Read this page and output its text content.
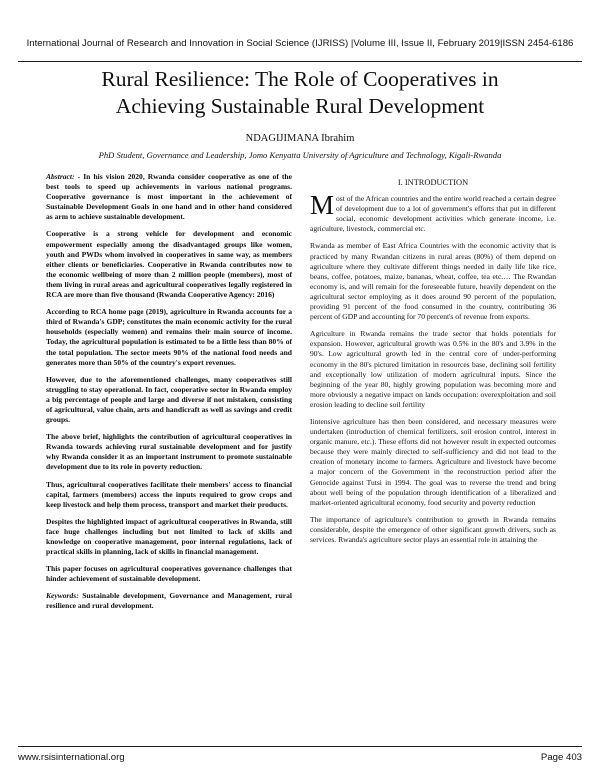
International Journal of Research and Innovation in Social Science (IJRISS) |Volume III, Issue II, February 2019|ISSN 2454-6186
Rural Resilience: The Role of Cooperatives in
Achieving Sustainable Rural Development
NDAGIJIMANA Ibrahim
PhD Student, Governance and Leadership, Jomo Kenyatta University of Agriculture and Technology, Kigali-Rwanda

Abstract: - In his vision 2020, Rwanda consider cooperative as one of the best tools to speed up achievements in various national programs. Cooperative governance is most important in the achievement of Sustainable Development Goals in one hand and in other hand considered as arm to achieve sustainable development.

Cooperative is a strong vehicle for development and economic empowerment especially among the disadvantaged groups like women, youth and PWDs whom involved in cooperatives in same way, as members either clients or beneficiaries. Cooperative in Rwanda contributes now to the economic wellbeing of more than 2 million people (members), most of them living in rural areas and agricultural cooperatives legally registered in RCA are more than five thousand (Rwanda Cooperative Agency: 2016)

According to RCA home page (2019), agriculture in Rwanda accounts for a third of Rwanda's GDP; constitutes the main economic activity for the rural households (especially women) and remains their main source of income. Today, the agricultural population is estimated to be a little less than 80% of the total population. The sector meets 90% of the national food needs and generates more than 50% of the country's export revenues.

However, due to the aforementioned challenges, many cooperatives still struggling to stay operational. In fact, cooperative sector in Rwanda employ a big percentage of people and large and diverse if not mistaken, consisting of agricultural, value chain, arts and handicraft as well as savings and credit groups.

The above brief, highlights the contribution of agricultural cooperatives in Rwanda towards achieving rural sustainable development and for justify why Rwanda consider it as an important instrument to promote sustainable development due to its role in poverty reduction.

Thus, agricultural cooperatives facilitate their members' access to financial capital, farmers (members) access the inputs required to grow crops and keep livestock and help them process, transport and market their products.

Despites the highlighted impact of agricultural cooperatives in Rwanda, still face huge challenges including but not limited to lack of skills and knowledge on cooperative management, poor internal regulations, lack of practical skills in planning, lack of skills in financial management.

This paper focuses on agricultural cooperatives governance challenges that hinder achievement of sustainable development.

Keywords: Sustainable development, Governance and Management, rural resilience and rural development.

I. INTRODUCTION

Most of the African countries and the entire world reached a certain degree of development due to a lot of government's efforts that put in different social, economic development activities which generate income, i.e. agriculture, livestock, commercial etc.

Rwanda as member of East Africa Countries with the economic activity that is practiced by many Rwandan citizens in rural areas (80%) of them depend on agriculture where they cultivate different things needed in daily life like rice, beans, coffee, potatoes, maize, bananas, wheat, coffee, tea etc.… The Rwandan economy is, and will remain for the foreseeable future, heavily dependent on the agricultural sector employing as it does around 90 percent of the population, providing 91 percent of the food consumed in the country, contributing 36 percent of GDP and accounting for 70 percent's of revenue from exports.

Agriculture in Rwanda remains the trade sector that holds potentials for expansion. However, agricultural growth was 0.5% in the 80's and 3.9% in the 90's. Low agricultural growth led in the central core of under-performing economy in the 80's pictured limitation in resources base, declining soil fertility and exceptionally low utilization of modern agricultural inputs. Since the beginning of the year 80, highly growing population was becoming more and more obviously a negative impact on lands occupation: overexploitation and soil erosion leading to decline soil fertility

Iintensive agriculture has then been considered, and necessary measures were undertaken (introduction of chemical fertilizers, soil erosion control, interest in organic manure, etc.). These efforts did not however result in expected outcomes because they were mainly directed to self-sufficiency and did not lead to the creation of monetary income to farmers. Agriculture and livestock have become a major concern of the Government in the reconstruction period after the Genocide against Tutsi in 1994. The goal was to reverse the trend and bring about well being of the population through identification of a liberalized and market-oriented agricultural economy, food security and poverty reduction

The importance of agriculture's contribution to growth in Rwanda remains considerable, despite the emergence of other significant growth drivers, such as services. Rwanda's agriculture sector plays an essential role in attaining the

www.rsisinternational.org	Page 403
